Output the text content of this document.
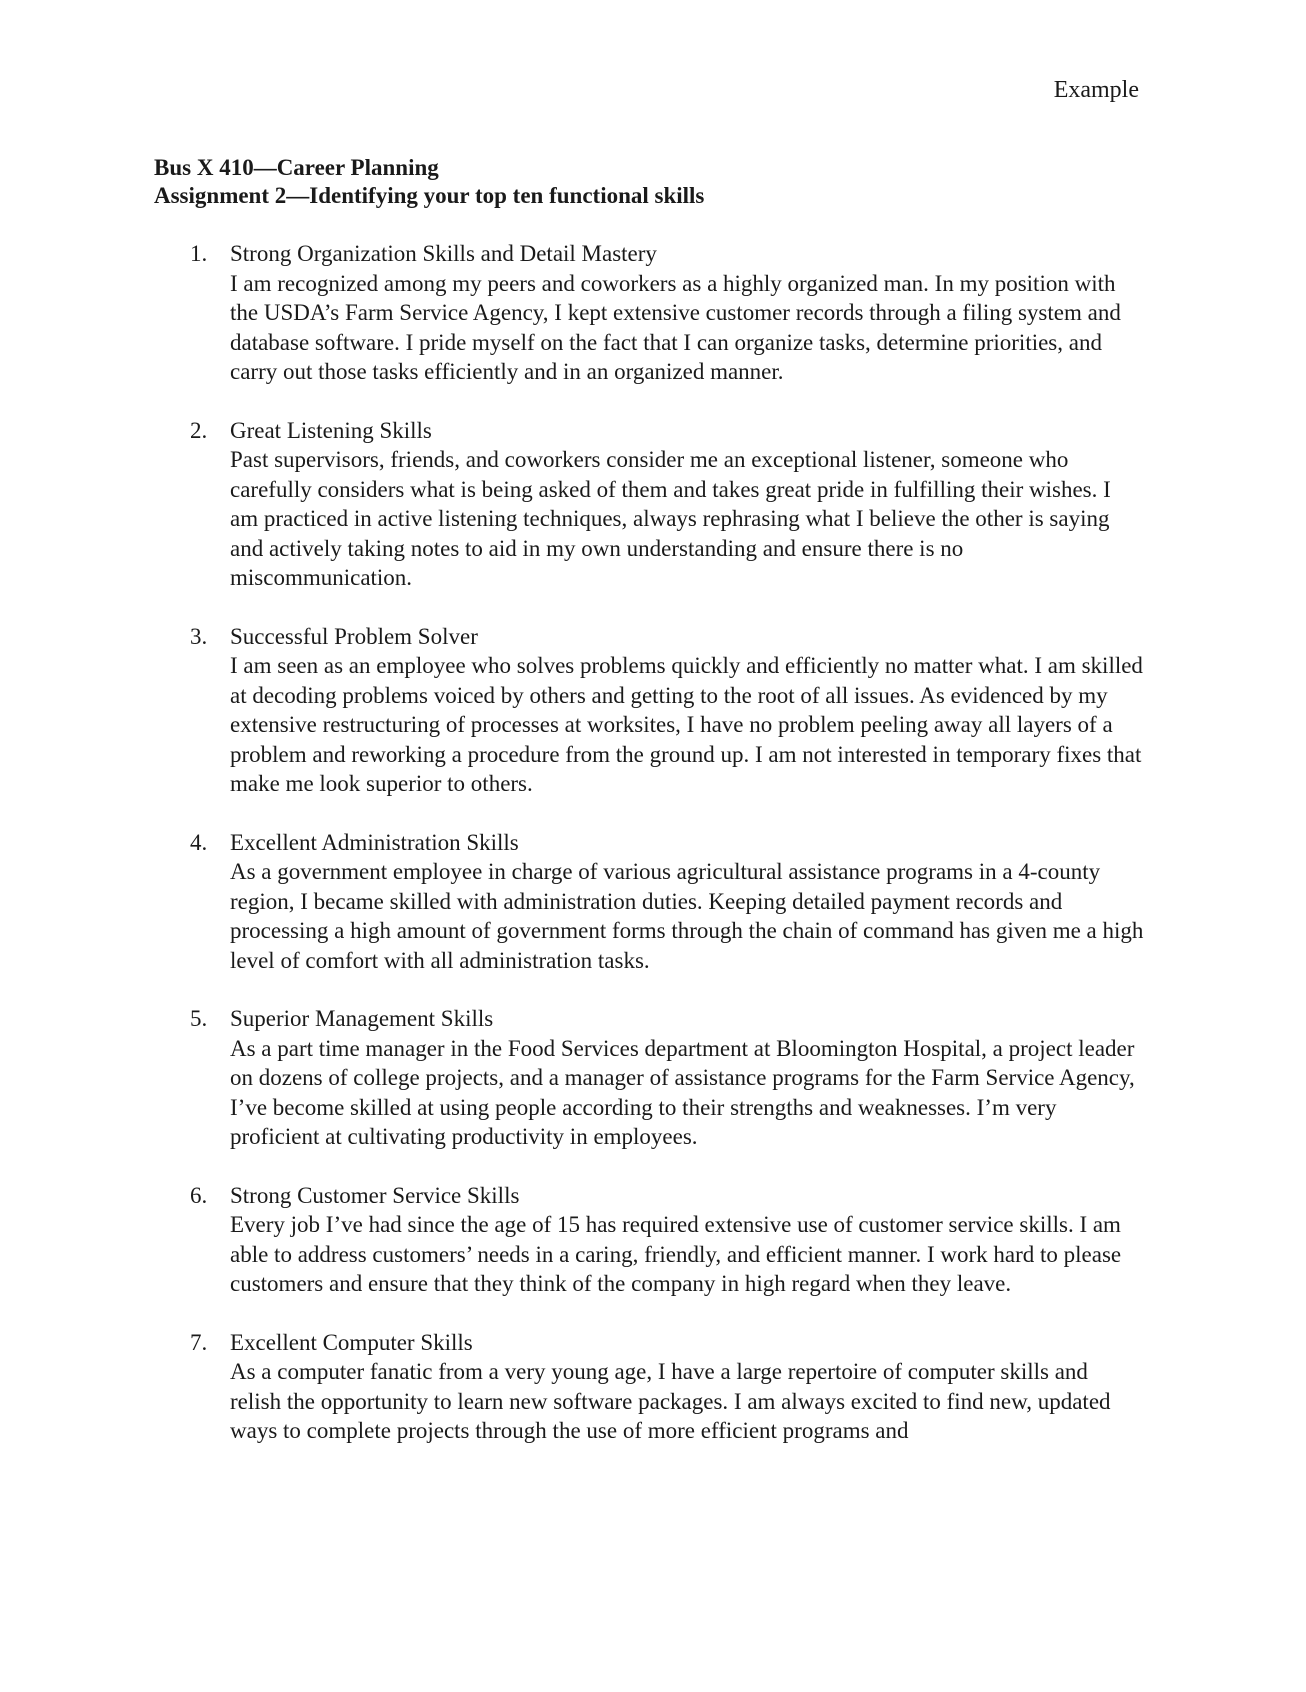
Example
Bus X 410—Career Planning
Assignment 2—Identifying your top ten functional skills
1. Strong Organization Skills and Detail Mastery
I am recognized among my peers and coworkers as a highly organized man. In my position with the USDA’s Farm Service Agency, I kept extensive customer records through a filing system and database software. I pride myself on the fact that I can organize tasks, determine priorities, and carry out those tasks efficiently and in an organized manner.
2. Great Listening Skills
Past supervisors, friends, and coworkers consider me an exceptional listener, someone who carefully considers what is being asked of them and takes great pride in fulfilling their wishes. I am practiced in active listening techniques, always rephrasing what I believe the other is saying and actively taking notes to aid in my own understanding and ensure there is no miscommunication.
3. Successful Problem Solver
I am seen as an employee who solves problems quickly and efficiently no matter what. I am skilled at decoding problems voiced by others and getting to the root of all issues. As evidenced by my extensive restructuring of processes at worksites, I have no problem peeling away all layers of a problem and reworking a procedure from the ground up. I am not interested in temporary fixes that make me look superior to others.
4. Excellent Administration Skills
As a government employee in charge of various agricultural assistance programs in a 4-county region, I became skilled with administration duties. Keeping detailed payment records and processing a high amount of government forms through the chain of command has given me a high level of comfort with all administration tasks.
5. Superior Management Skills
As a part time manager in the Food Services department at Bloomington Hospital, a project leader on dozens of college projects, and a manager of assistance programs for the Farm Service Agency, I’ve become skilled at using people according to their strengths and weaknesses. I’m very proficient at cultivating productivity in employees.
6. Strong Customer Service Skills
Every job I’ve had since the age of 15 has required extensive use of customer service skills. I am able to address customers’ needs in a caring, friendly, and efficient manner. I work hard to please customers and ensure that they think of the company in high regard when they leave.
7. Excellent Computer Skills
As a computer fanatic from a very young age, I have a large repertoire of computer skills and relish the opportunity to learn new software packages. I am always excited to find new, updated ways to complete projects through the use of more efficient programs and
